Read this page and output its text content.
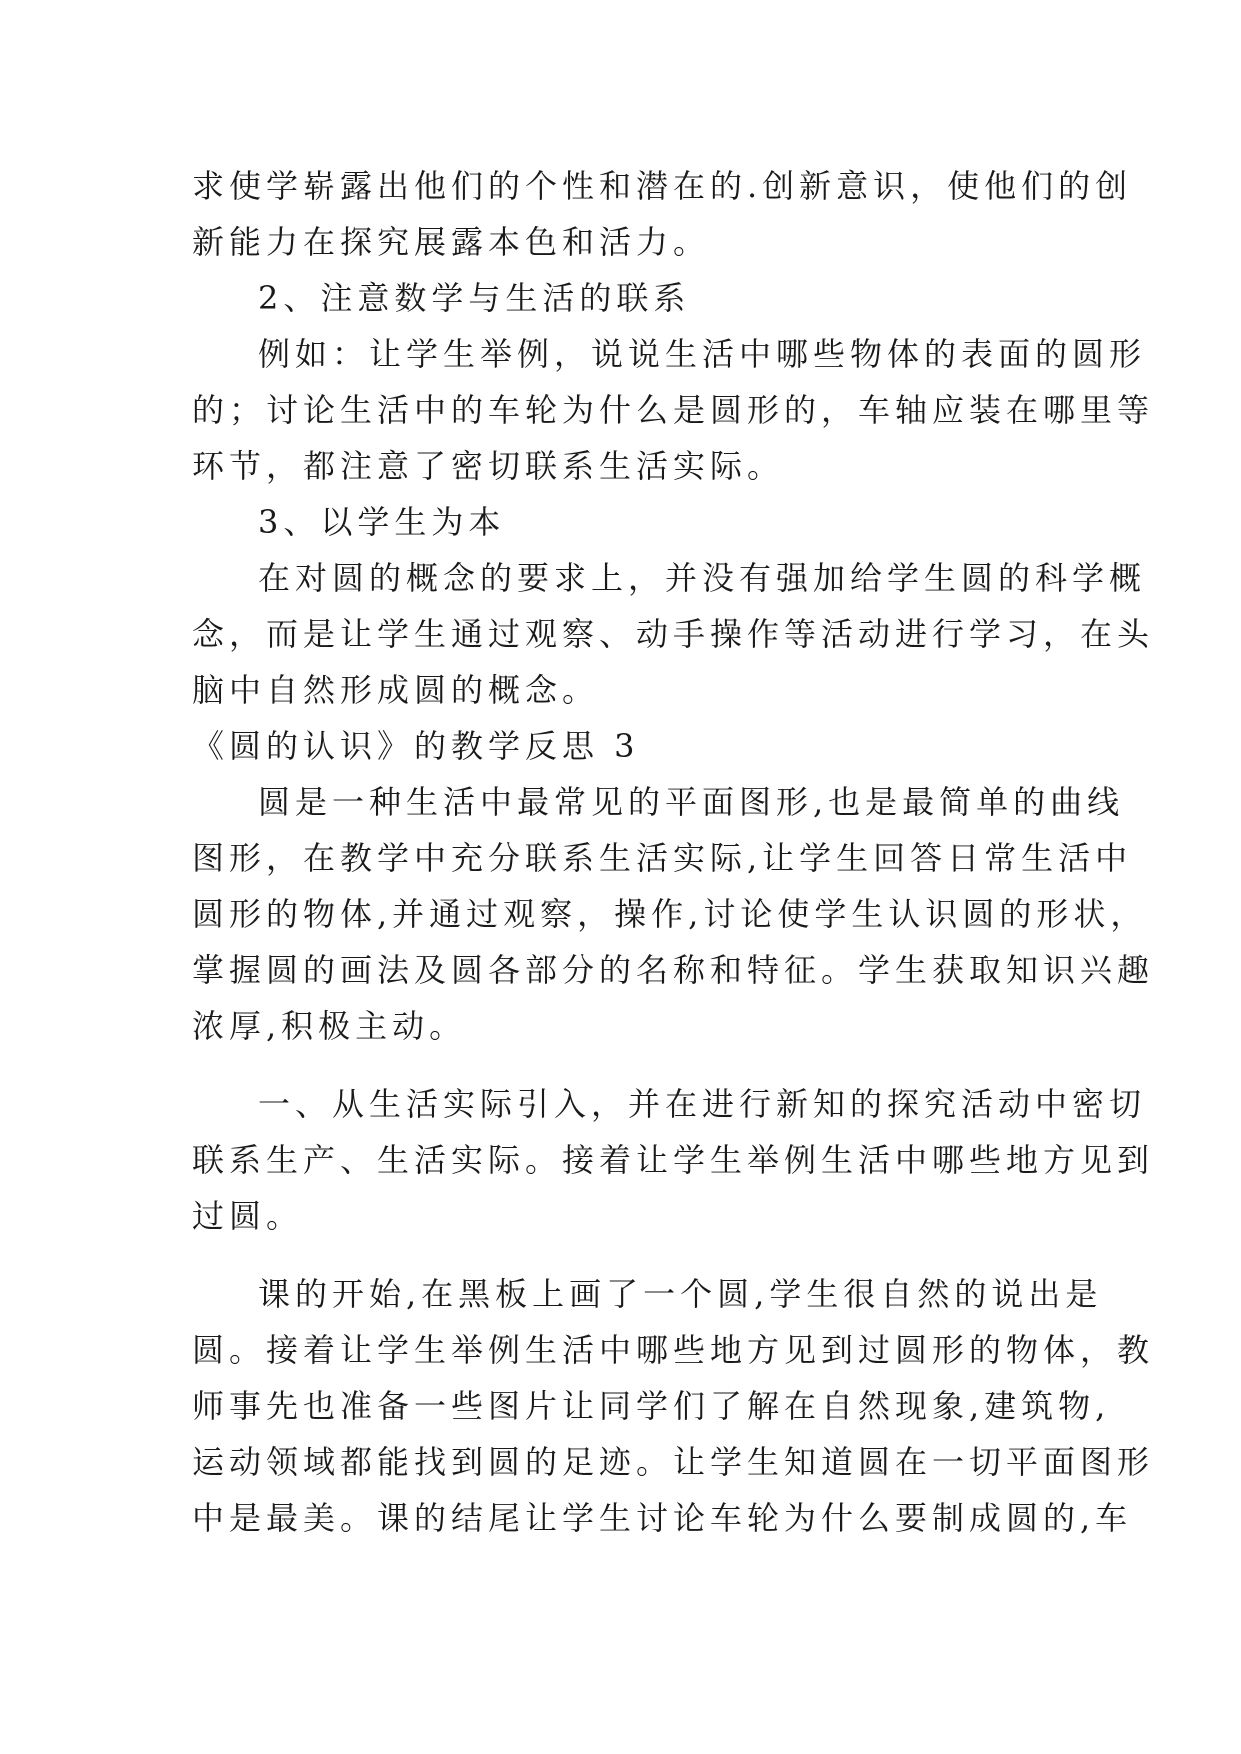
求使学崭露出他们的个性和潜在的.创新意识，使他们的创
新能力在探究展露本色和活力。
2、注意数学与生活的联系
例如：让学生举例，说说生活中哪些物体的表面的圆形
的；讨论生活中的车轮为什么是圆形的，车轴应装在哪里等
环节，都注意了密切联系生活实际。
3、以学生为本
在对圆的概念的要求上，并没有强加给学生圆的科学概
念，而是让学生通过观察、动手操作等活动进行学习，在头
脑中自然形成圆的概念。
《圆的认识》的教学反思 3
圆是一种生活中最常见的平面图形,也是最简单的曲线
图形，在教学中充分联系生活实际,让学生回答日常生活中
圆形的物体,并通过观察，操作,讨论使学生认识圆的形状，
掌握圆的画法及圆各部分的名称和特征。学生获取知识兴趣
浓厚,积极主动。
一、从生活实际引入，并在进行新知的探究活动中密切
联系生产、生活实际。接着让学生举例生活中哪些地方见到
过圆。
课的开始,在黑板上画了一个圆,学生很自然的说出是
圆。接着让学生举例生活中哪些地方见到过圆形的物体，教
师事先也准备一些图片让同学们了解在自然现象,建筑物,
运动领域都能找到圆的足迹。让学生知道圆在一切平面图形
中是最美。课的结尾让学生讨论车轮为什么要制成圆的,车
